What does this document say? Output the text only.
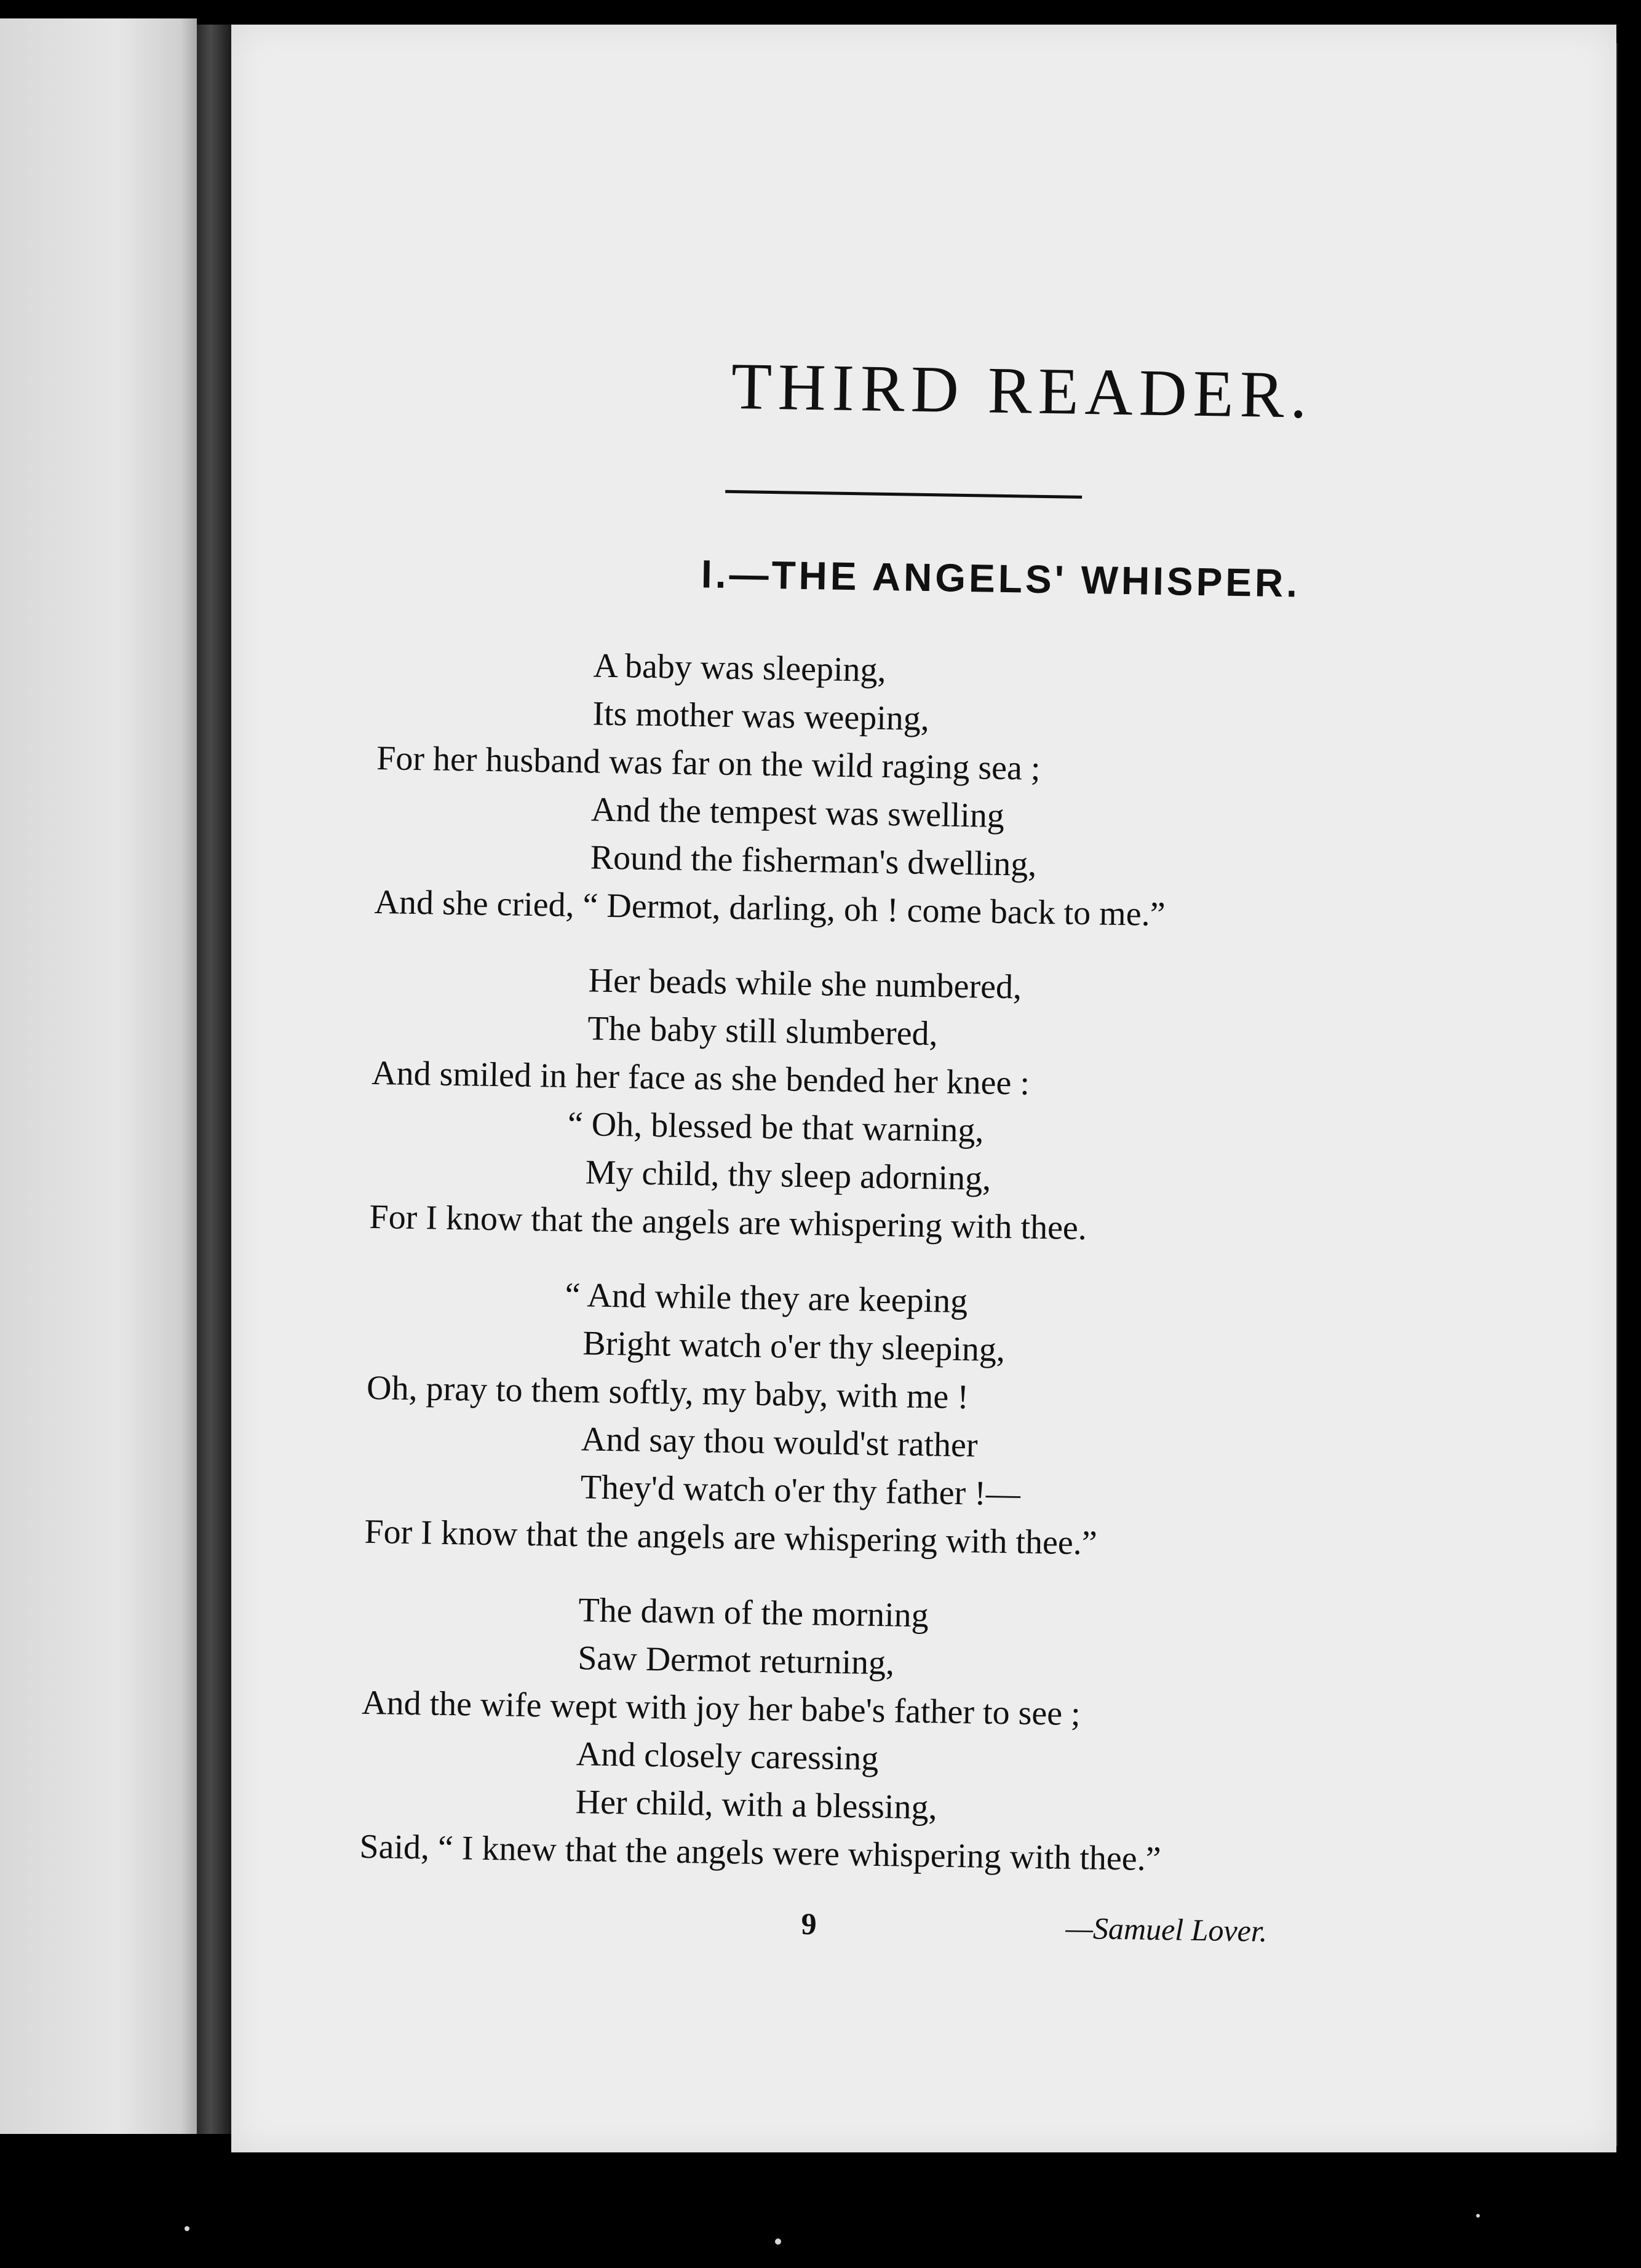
THIRD READER.
I.—THE ANGELS' WHISPER.
A baby was sleeping,
Its mother was weeping,
For her husband was far on the wild raging sea ;
And the tempest was swelling
Round the fisherman's dwelling,
And she cried, “ Dermot, darling, oh ! come back to me.”
Her beads while she numbered,
The baby still slumbered,
And smiled in her face as she bended her knee :
“ Oh, blessed be that warning,
My child, thy sleep adorning,
For I know that the angels are whispering with thee.
“ And while they are keeping
Bright watch o'er thy sleeping,
Oh, pray to them softly, my baby, with me !
And say thou would'st rather
They'd watch o'er thy father !—
For I know that the angels are whispering with thee.”
The dawn of the morning
Saw Dermot returning,
And the wife wept with joy her babe's father to see ;
And closely caressing
Her child, with a blessing,
Said, “ I knew that the angels were whispering with thee.”
9	—Samuel Lover.
